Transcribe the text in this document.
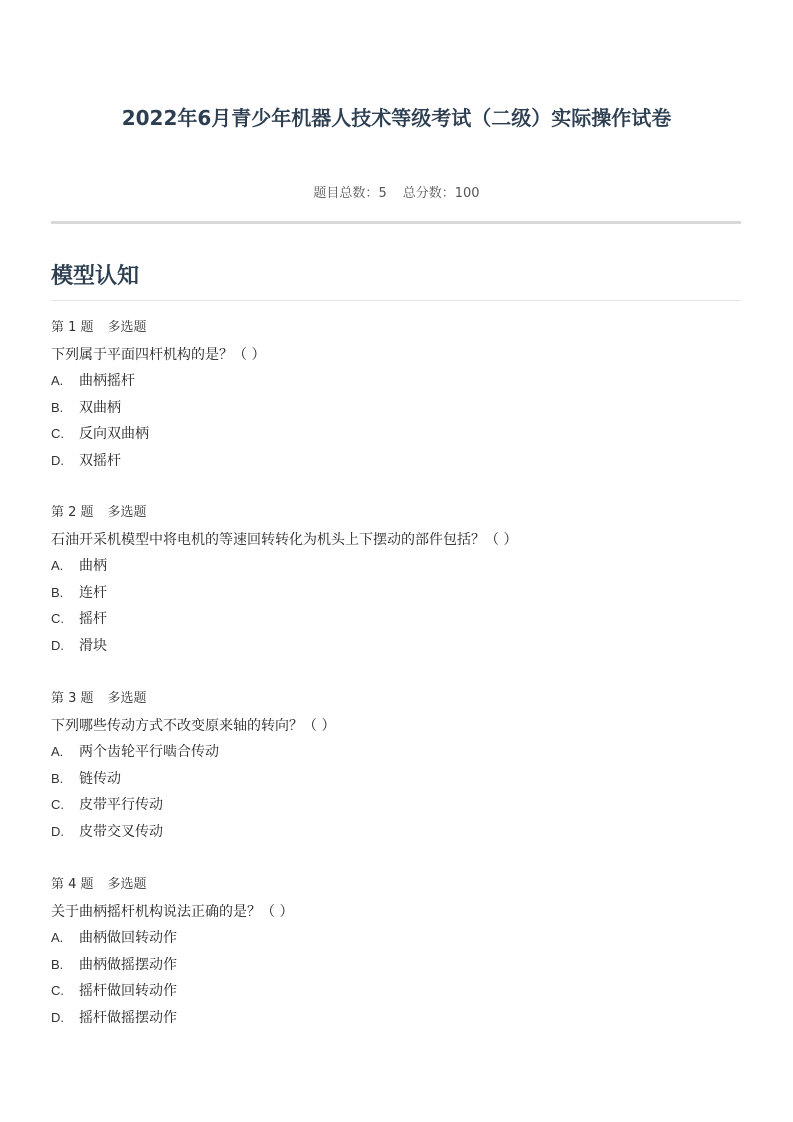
2022年6月青少年机器人技术等级考试（二级）实际操作试卷
题目总数：5 总分数：100
模型认知
第 1 题 多选题
下列属于平面四杆机构的是？（ ）
A.	曲柄摇杆
B.	双曲柄
C.	反向双曲柄
D.	双摇杆
第 2 题 多选题
石油开采机模型中将电机的等速回转转化为机头上下摆动的部件包括？（ ）
A.	曲柄
B.	连杆
C.	摇杆
D.	滑块
第 3 题 多选题
下列哪些传动方式不改变原来轴的转向？（ ）
A.	两个齿轮平行啮合传动
B.	链传动
C.	皮带平行传动
D.	皮带交叉传动
第 4 题 多选题
关于曲柄摇杆机构说法正确的是？（ ）
A.	曲柄做回转动作
B.	曲柄做摇摆动作
C.	摇杆做回转动作
D.	摇杆做摇摆动作
